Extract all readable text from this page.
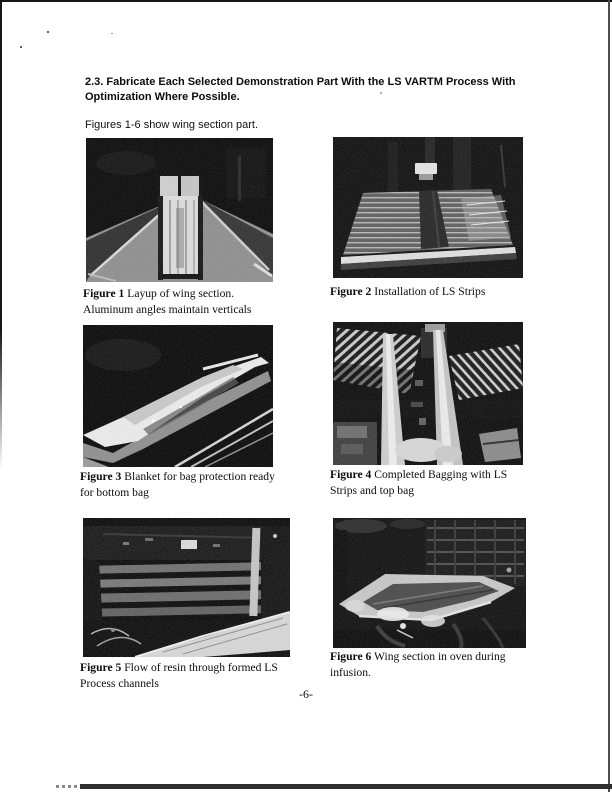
2.3. Fabricate Each Selected Demonstration Part With the LS VARTM Process With
Optimization Where Possible.
Figures 1-6 show wing section part.
Figure 1 Layup of wing section.
Aluminum angles maintain verticals
Figure 2 Installation of LS Strips
Figure 3 Blanket for bag protection ready
for bottom bag
Figure 4 Completed Bagging with LS
Strips and top bag
Figure 5 Flow of resin through formed LS
Process channels
Figure 6 Wing section in oven during
infusion.
-6-
